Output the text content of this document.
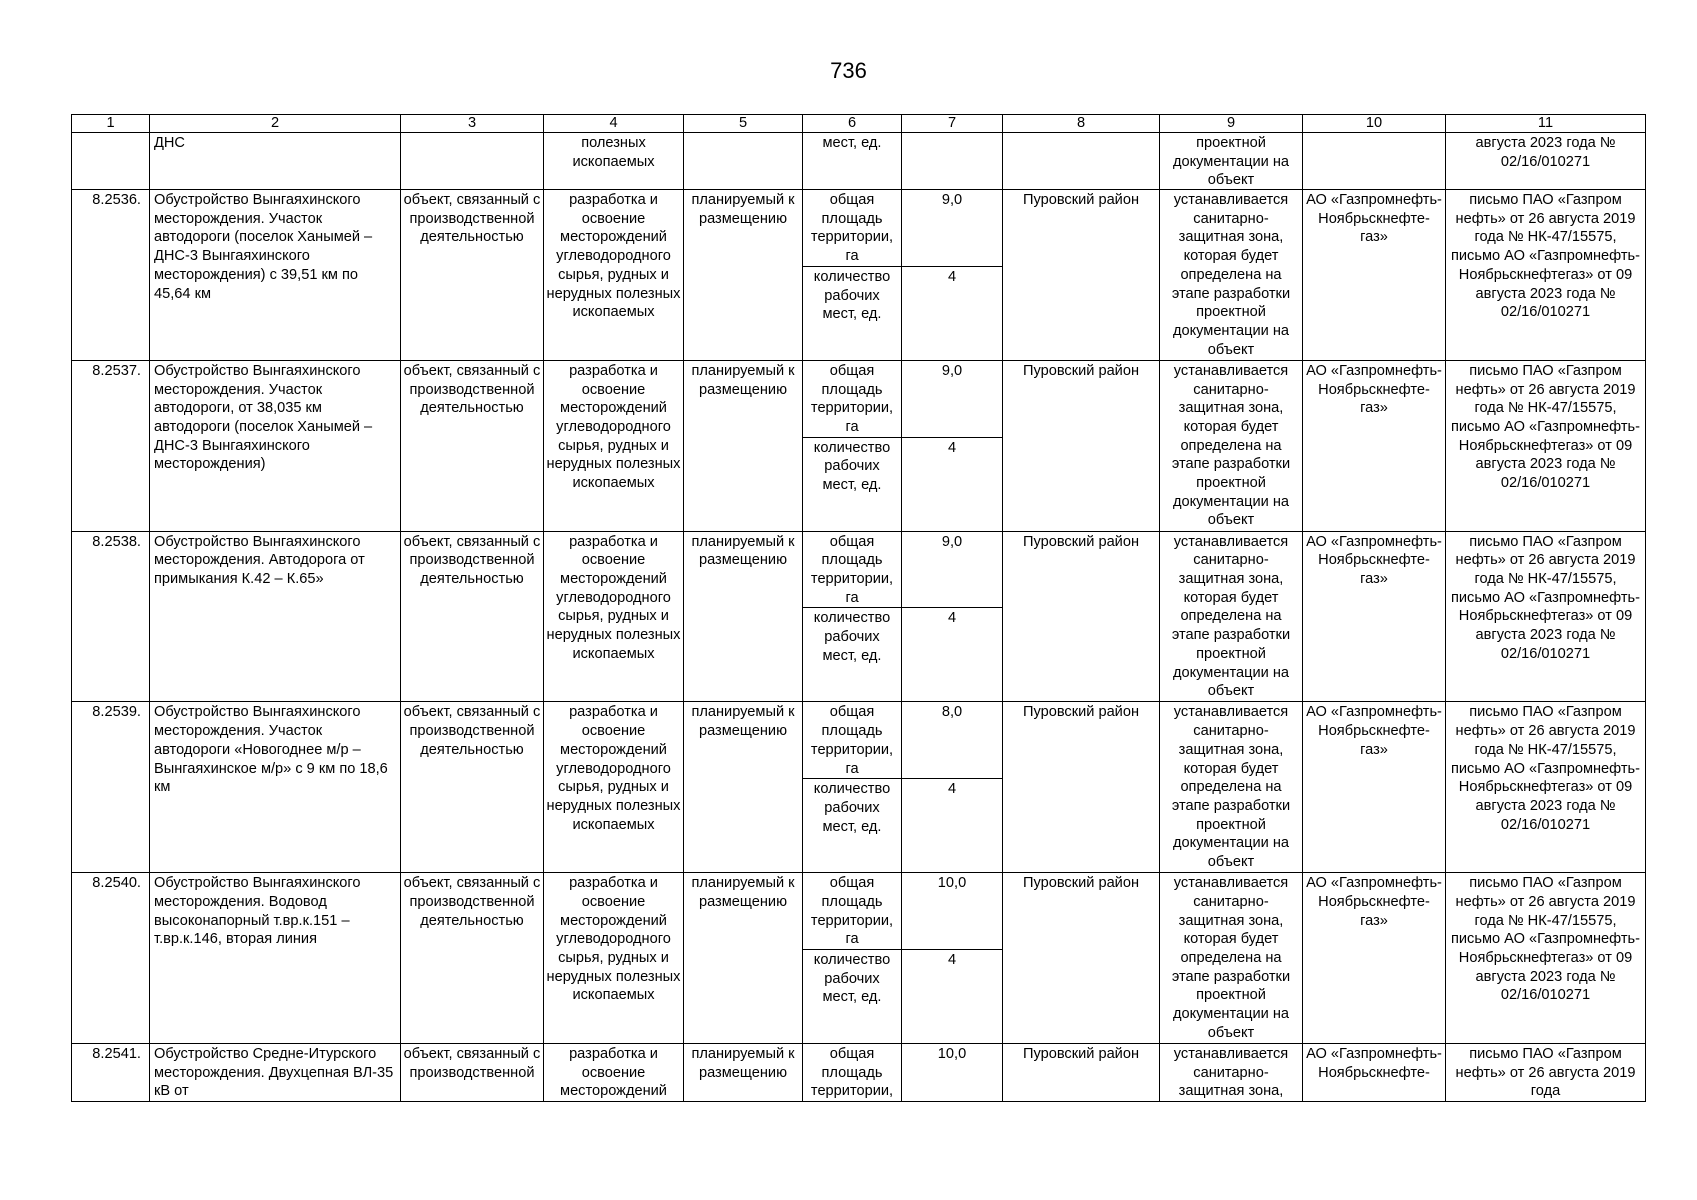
736
1	2	3	4	5	6	7	8	9	10	11
	ДНС		полезных ископаемых		мест, ед.			проектной документации на объект		августа 2023 года № 02/16/010271
8.2536.	Обустройство Вынгаяхинского месторождения. Участок автодороги (поселок Ханымей – ДНС-3 Вынгаяхинского месторождения) с 39,51 км по 45,64 км	объект, связанный с производственной деятельностью	разработка и освоение месторождений углеводородного сырья, рудных и нерудных полезных ископаемых	планируемый к размещению	общая площадь территории, га	9,0	Пуровский район	устанавливается санитарно-защитная зона, которая будет определена на этапе разработки проектной документации на объект	АО «Газпромнефть-Ноябрьскнефте-газ»	письмо ПАО «Газпром нефть» от 26 августа 2019 года № НК-47/15575, письмо АО «Газпромнефть-Ноябрьскнефтегаз» от 09 августа 2023 года № 02/16/010271
					количество рабочих мест, ед.	4				
8.2537.	Обустройство Вынгаяхинского месторождения. Участок автодороги, от 38,035 км автодороги (поселок Ханымей – ДНС-3 Вынгаяхинского месторождения)	объект, связанный с производственной деятельностью	разработка и освоение месторождений углеводородного сырья, рудных и нерудных полезных ископаемых	планируемый к размещению	общая площадь территории, га	9,0	Пуровский район	устанавливается санитарно-защитная зона, которая будет определена на этапе разработки проектной документации на объект	АО «Газпромнефть-Ноябрьскнефте-газ»	письмо ПАО «Газпром нефть» от 26 августа 2019 года № НК-47/15575, письмо АО «Газпромнефть-Ноябрьскнефтегаз» от 09 августа 2023 года № 02/16/010271
					количество рабочих мест, ед.	4				
8.2538.	Обустройство Вынгаяхинского месторождения. Автодорога от примыкания К.42 – К.65»	объект, связанный с производственной деятельностью	разработка и освоение месторождений углеводородного сырья, рудных и нерудных полезных ископаемых	планируемый к размещению	общая площадь территории, га	9,0	Пуровский район	устанавливается санитарно-защитная зона, которая будет определена на этапе разработки проектной документации на объект	АО «Газпромнефть-Ноябрьскнефте-газ»	письмо ПАО «Газпром нефть» от 26 августа 2019 года № НК-47/15575, письмо АО «Газпромнефть-Ноябрьскнефтегаз» от 09 августа 2023 года № 02/16/010271
					количество рабочих мест, ед.	4				
8.2539.	Обустройство Вынгаяхинского месторождения. Участок автодороги «Новогоднее м/р – Вынгаяхинское м/р» с 9 км по 18,6 км	объект, связанный с производственной деятельностью	разработка и освоение месторождений углеводородного сырья, рудных и нерудных полезных ископаемых	планируемый к размещению	общая площадь территории, га	8,0	Пуровский район	устанавливается санитарно-защитная зона, которая будет определена на этапе разработки проектной документации на объект	АО «Газпромнефть-Ноябрьскнефте-газ»	письмо ПАО «Газпром нефть» от 26 августа 2019 года № НК-47/15575, письмо АО «Газпромнефть-Ноябрьскнефтегаз» от 09 августа 2023 года № 02/16/010271
					количество рабочих мест, ед.	4				
8.2540.	Обустройство Вынгаяхинского месторождения. Водовод высоконапорный т.вр.к.151 – т.вр.к.146, вторая линия	объект, связанный с производственной деятельностью	разработка и освоение месторождений углеводородного сырья, рудных и нерудных полезных ископаемых	планируемый к размещению	общая площадь территории, га	10,0	Пуровский район	устанавливается санитарно-защитная зона, которая будет определена на этапе разработки проектной документации на объект	АО «Газпромнефть-Ноябрьскнефте-газ»	письмо ПАО «Газпром нефть» от 26 августа 2019 года № НК-47/15575, письмо АО «Газпромнефть-Ноябрьскнефтегаз» от 09 августа 2023 года № 02/16/010271
					количество рабочих мест, ед.	4				

8.2541.	Обустройство Средне-Итурского месторождения. Двухцепная ВЛ-35 кВ от	объект, связанный с производственной	разработка и освоение месторождений	планируемый к размещению	общая площадь территории,	10,0	Пуровский район	устанавливается санитарно-защитная зона,	АО «Газпромнефть-Ноябрьскнефте-	письмо ПАО «Газпром нефть» от 26 августа 2019 года
